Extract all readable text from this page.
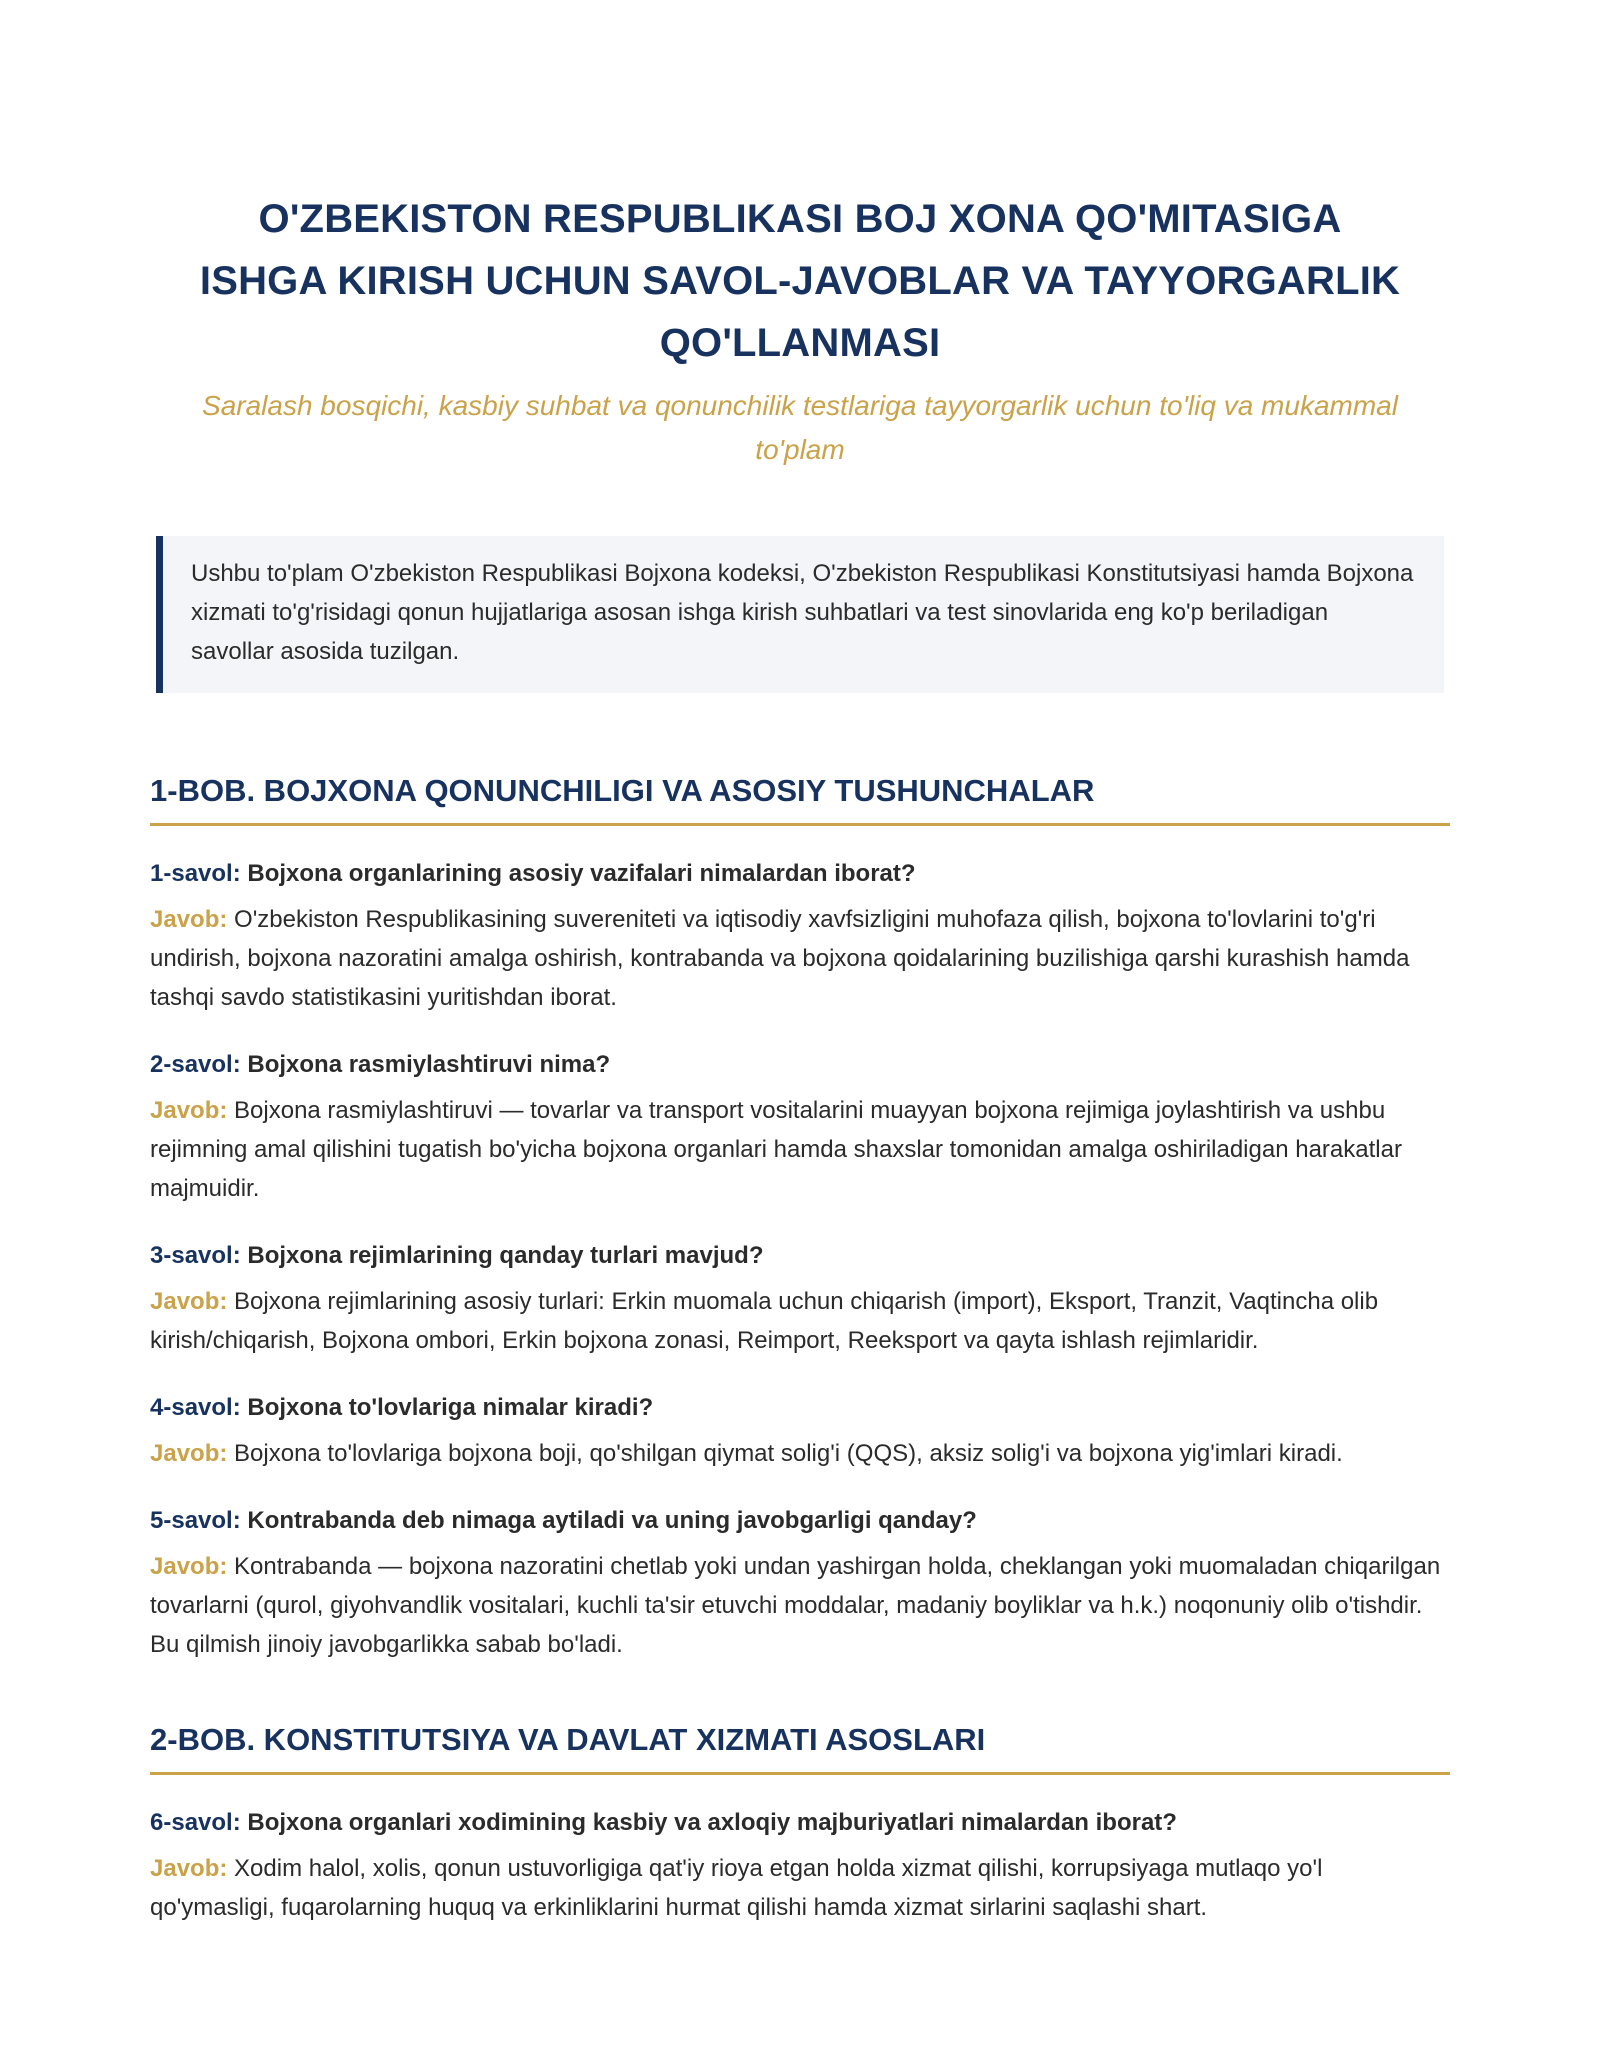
O'ZBEKISTON RESPUBLIKASI BOJ XONA QO'MITASIGA ISHGA KIRISH UCHUN SAVOL-JAVOBLAR VA TAYYORGARLIK QO'LLANMASI
Saralash bosqichi, kasbiy suhbat va qonunchilik testlariga tayyorgarlik uchun to'liq va mukammal to'plam
Ushbu to'plam O'zbekiston Respublikasi Bojxona kodeksi, O'zbekiston Respublikasi Konstitutsiyasi hamda Bojxona xizmati to'g'risidagi qonun hujjatlariga asosan ishga kirish suhbatlari va test sinovlarida eng ko'p beriladigan savollar asosida tuzilgan.
1-BOB. BOJXONA QONUNCHILIGI VA ASOSIY TUSHUNCHALAR
1-savol: Bojxona organlarining asosiy vazifalari nimalardan iborat?
Javob: O'zbekiston Respublikasining suvereniteti va iqtisodiy xavfsizligini muhofaza qilish, bojxona to'lovlarini to'g'ri undirish, bojxona nazoratini amalga oshirish, kontrabanda va bojxona qoidalarining buzilishiga qarshi kurashish hamda tashqi savdo statistikasini yuritishdan iborat.
2-savol: Bojxona rasmiylashtiruvi nima?
Javob: Bojxona rasmiylashtiruvi — tovarlar va transport vositalarini muayyan bojxona rejimiga joylashtirish va ushbu rejimning amal qilishini tugatish bo'yicha bojxona organlari hamda shaxslar tomonidan amalga oshiriladigan harakatlar majmuidir.
3-savol: Bojxona rejimlarining qanday turlari mavjud?
Javob: Bojxona rejimlarining asosiy turlari: Erkin muomala uchun chiqarish (import), Eksport, Tranzit, Vaqtincha olib kirish/chiqarish, Bojxona ombori, Erkin bojxona zonasi, Reimport, Reeksport va qayta ishlash rejimlaridir.
4-savol: Bojxona to'lovlariga nimalar kiradi?
Javob: Bojxona to'lovlariga bojxona boji, qo'shilgan qiymat solig'i (QQS), aksiz solig'i va bojxona yig'imlari kiradi.
5-savol: Kontrabanda deb nimaga aytiladi va uning javobgarligi qanday?
Javob: Kontrabanda — bojxona nazoratini chetlab yoki undan yashirgan holda, cheklangan yoki muomaladan chiqarilgan tovarlarni (qurol, giyohvandlik vositalari, kuchli ta'sir etuvchi moddalar, madaniy boyliklar va h.k.) noqonuniy olib o'tishdir. Bu qilmish jinoiy javobgarlikka sabab bo'ladi.
2-BOB. KONSTITUTSIYA VA DAVLAT XIZMATI ASOSLARI
6-savol: Bojxona organlari xodimining kasbiy va axloqiy majburiyatlari nimalardan iborat?
Javob: Xodim halol, xolis, qonun ustuvorligiga qat'iy rioya etgan holda xizmat qilishi, korrupsiyaga mutlaqo yo'l qo'ymasligi, fuqarolarning huquq va erkinliklarini hurmat qilishi hamda xizmat sirlarini saqlashi shart.
